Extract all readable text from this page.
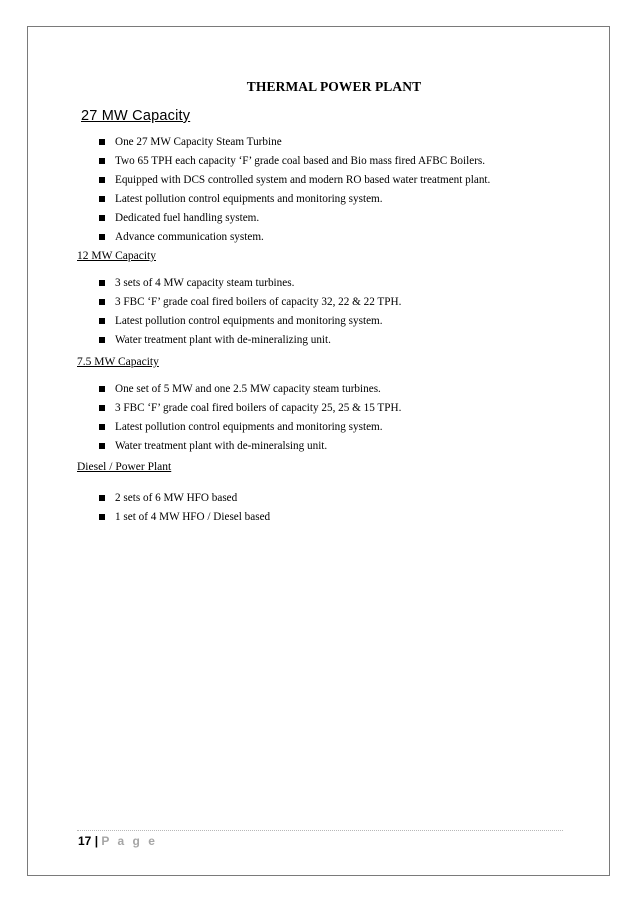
THERMAL POWER PLANT
27 MW Capacity
One 27 MW Capacity Steam Turbine
Two 65 TPH each capacity ‘F’ grade coal based and Bio mass fired AFBC Boilers.
Equipped with DCS controlled system and modern RO based water treatment plant.
Latest pollution control equipments and monitoring system.
Dedicated fuel handling system.
Advance communication system.
12 MW Capacity
3 sets of 4 MW capacity steam turbines.
3 FBC ‘F’ grade coal fired boilers of capacity 32, 22 & 22 TPH.
Latest pollution control equipments and monitoring system.
Water treatment plant with de-mineralizing unit.
7.5 MW Capacity
One set of 5 MW and one 2.5 MW capacity steam turbines.
3 FBC ‘F’ grade coal fired boilers of capacity 25, 25 & 15 TPH.
Latest pollution control equipments and monitoring system.
Water treatment plant with de-mineralsing unit.
Diesel / Power Plant
2 sets of 6 MW HFO based
1 set of 4 MW HFO / Diesel based
17 | P a g e
